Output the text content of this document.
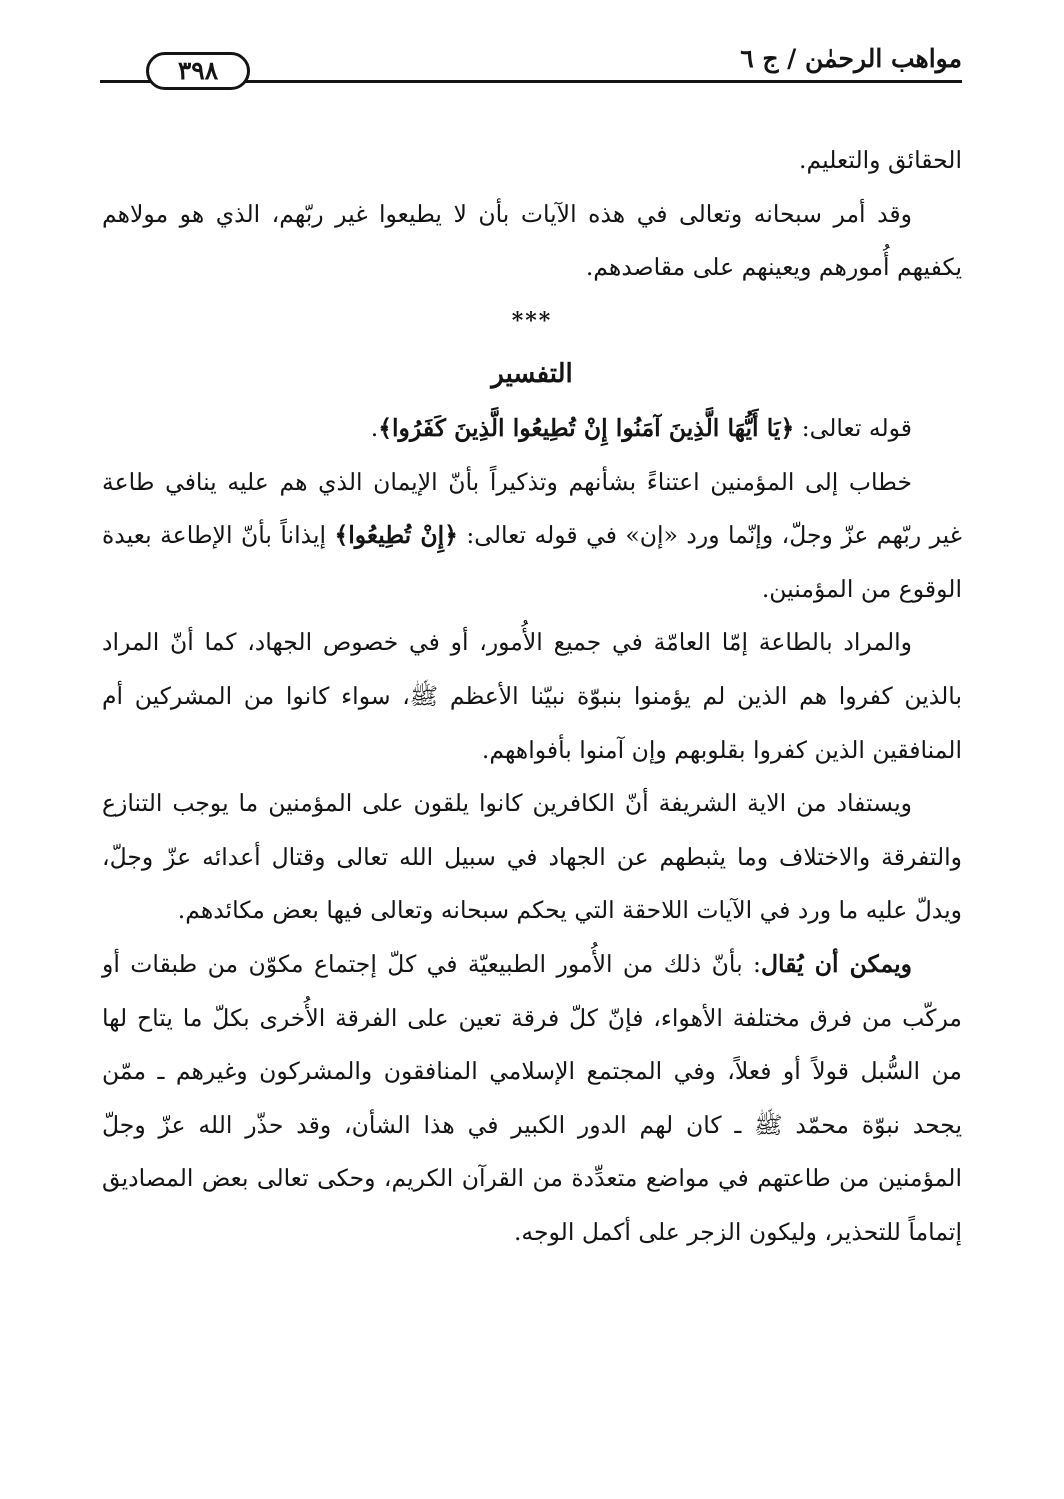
مواهب الرحمٰن / ج ٦
٣٩٨

الحقائق والتعليم.

وقد أمر سبحانه وتعالى في هذه الآيات بأن لا يطيعوا غير ربّهم، الذي هو مولاهم يكفيهم أُمورهم ويعينهم على مقاصدهم.

***

التفسير

قوله تعالى: ﴿يَا أَيُّهَا الَّذِينَ آمَنُوا إِنْ تُطِيعُوا الَّذِينَ كَفَرُوا﴾.

خطاب إلى المؤمنين اعتناءً بشأنهم وتذكيراً بأنّ الإيمان الذي هم عليه ينافي طاعة غير ربّهم عزّ وجلّ، وإنّما ورد «إن» في قوله تعالى: ﴿إِنْ تُطِيعُوا﴾ إيذاناً بأنّ الإطاعة بعيدة الوقوع من المؤمنين.

والمراد بالطاعة إمّا العامّة في جميع الأُمور، أو في خصوص الجهاد، كما أنّ المراد بالذين كفروا هم الذين لم يؤمنوا بنبوّة نبيّنا الأعظم ﷺ، سواء كانوا من المشركين أم المنافقين الذين كفروا بقلوبهم وإن آمنوا بأفواههم.

ويستفاد من الاية الشريفة أنّ الكافرين كانوا يلقون على المؤمنين ما يوجب التنازع والتفرقة والاختلاف وما يثبطهم عن الجهاد في سبيل الله تعالى وقتال أعدائه عزّ وجلّ، ويدلّ عليه ما ورد في الآيات اللاحقة التي يحكم سبحانه وتعالى فيها بعض مكائدهم.

ويمكن أن يُقال: بأنّ ذلك من الأُمور الطبيعيّة في كلّ إجتماع مكوّن من طبقات أو مركّب من فرق مختلفة الأهواء، فإنّ كلّ فرقة تعين على الفرقة الأُخرى بكلّ ما يتاح لها من السُّبل قولاً أو فعلاً، وفي المجتمع الإسلامي المنافقون والمشركون وغيرهم ـ ممّن يجحد نبوّة محمّد ﷺ ـ كان لهم الدور الكبير في هذا الشأن، وقد حذّر الله عزّ وجلّ المؤمنين من طاعتهم في مواضع متعدِّدة من القرآن الكريم، وحكى تعالى بعض المصاديق إتماماً للتحذير، وليكون الزجر على أكمل الوجه.
